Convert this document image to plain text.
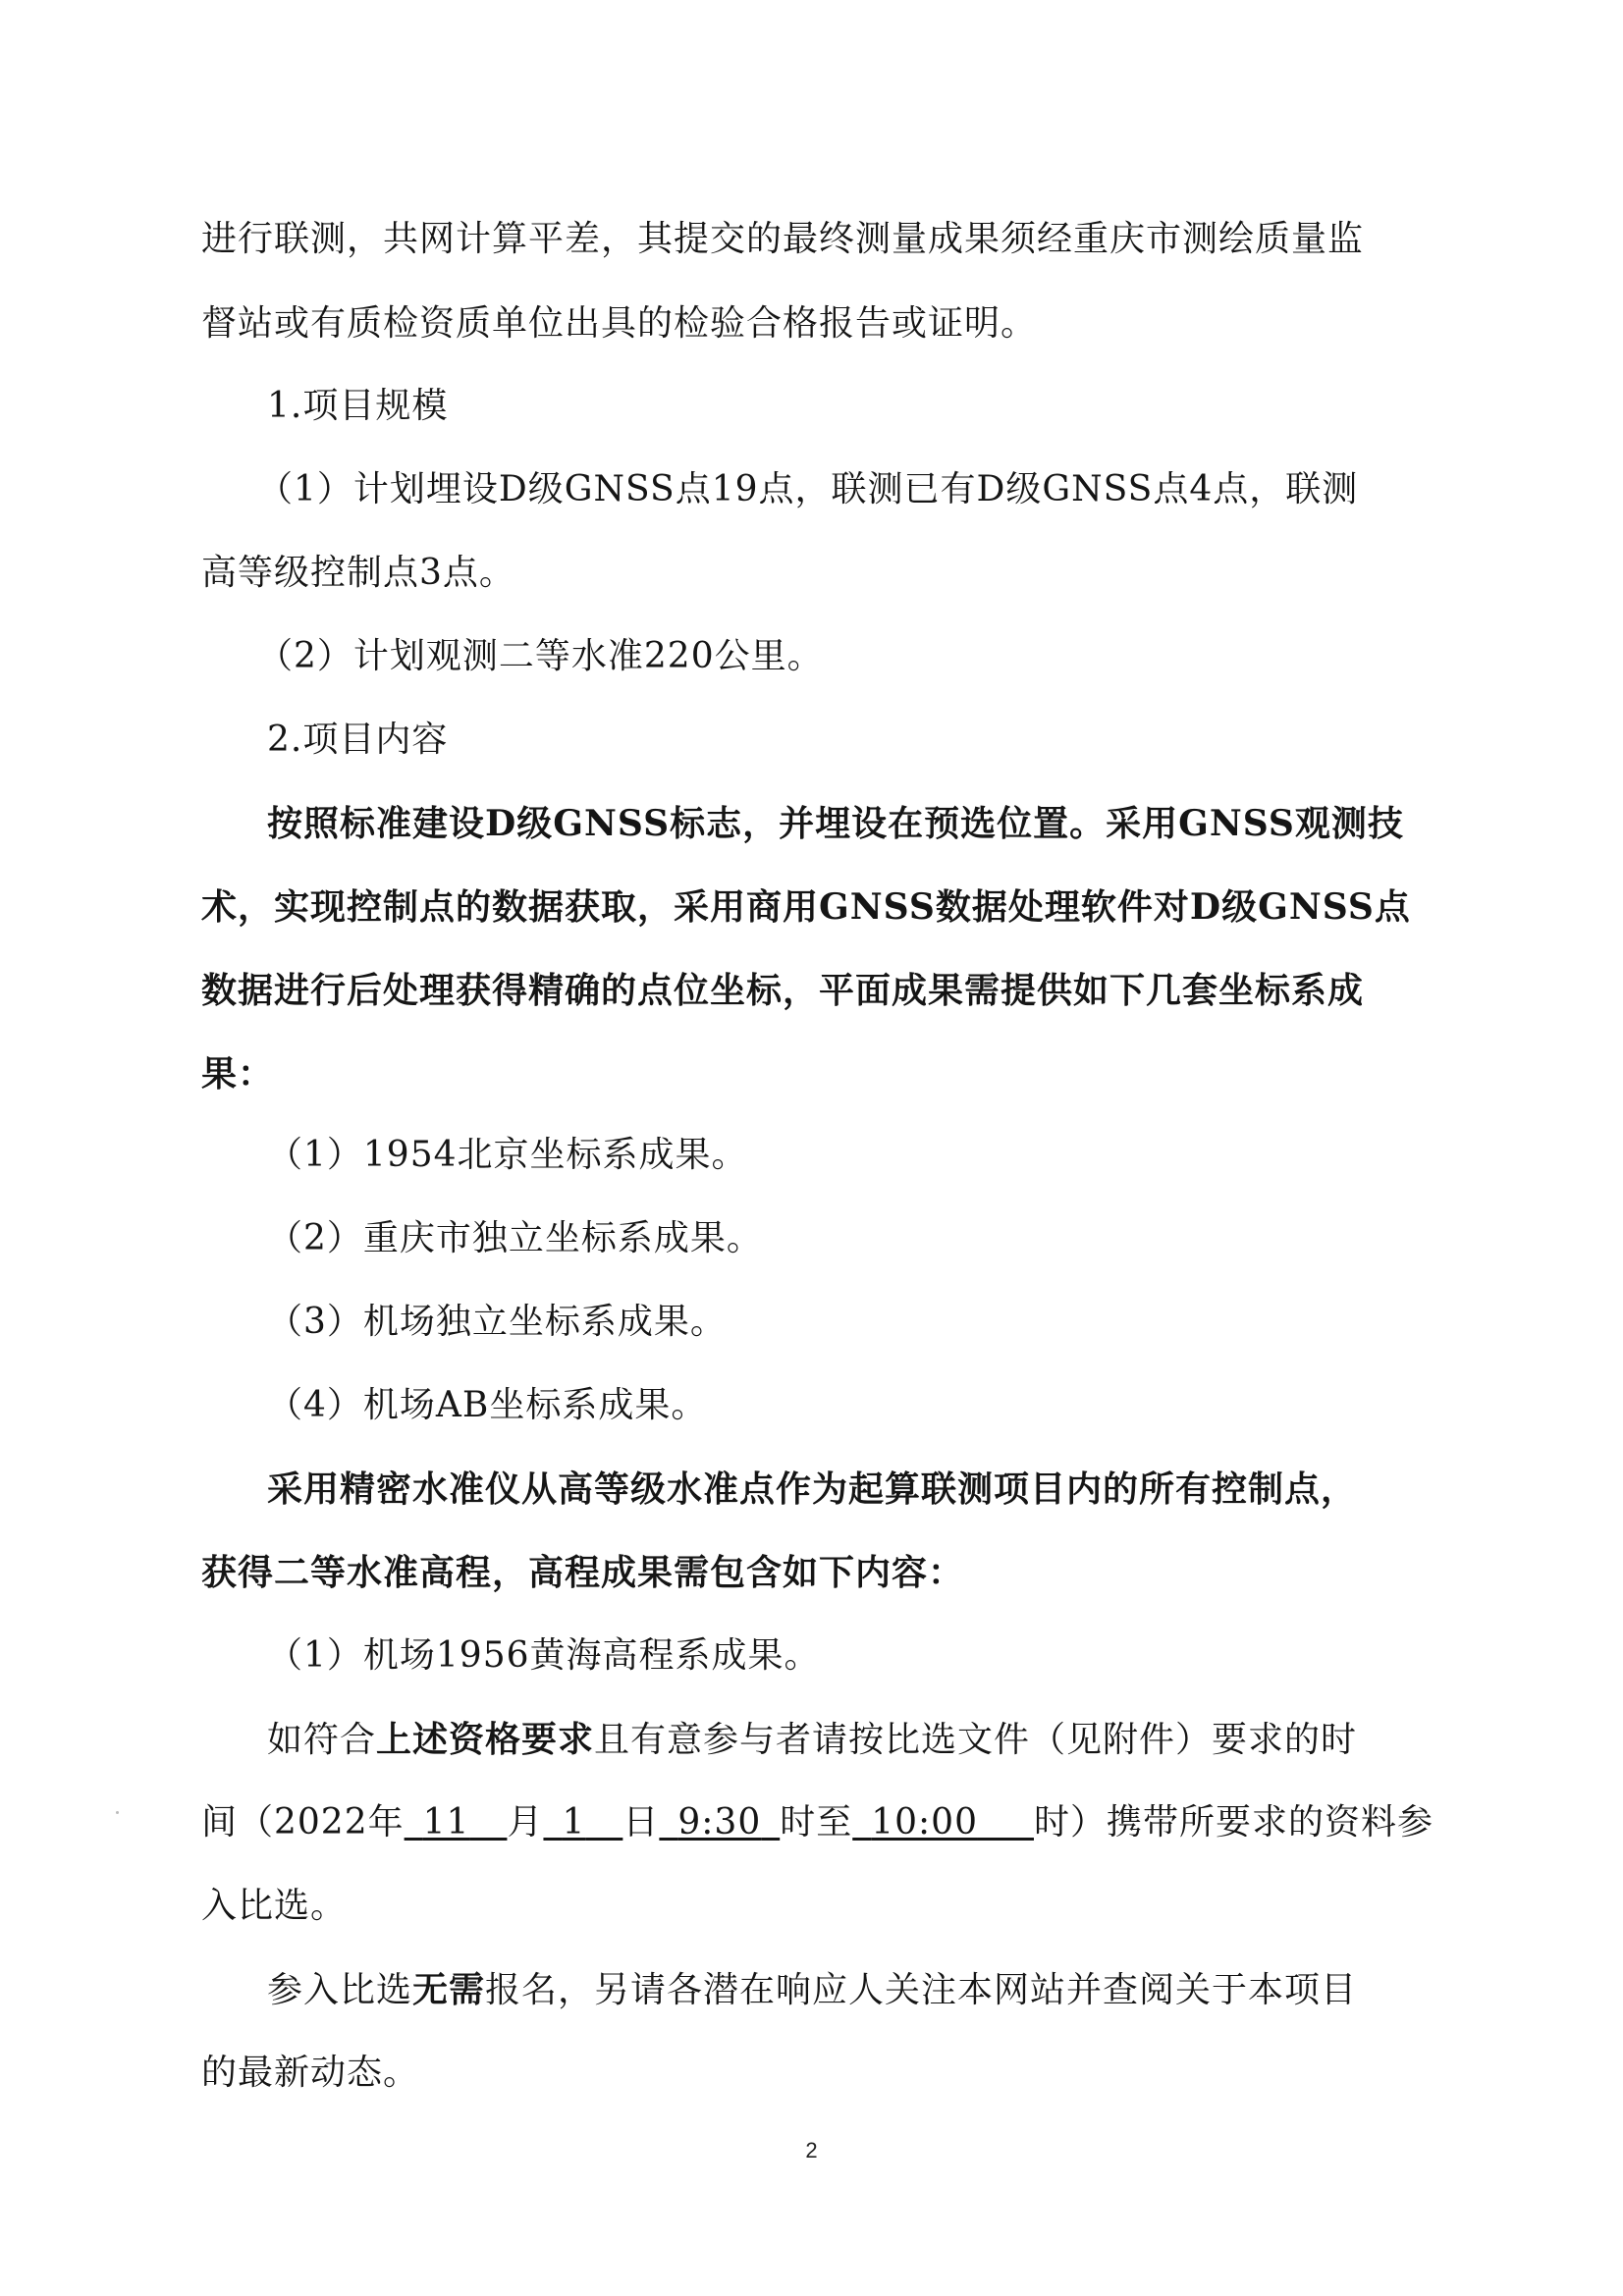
进行联测，共网计算平差，其提交的最终测量成果须经重庆市测绘质量监
督站或有质检资质单位出具的检验合格报告或证明。
1.项目规模
（1）计划埋设D级GNSS点19点，联测已有D级GNSS点4点，联测
高等级控制点3点。
（2）计划观测二等水准220公里。
2.项目内容
按照标准建设D级GNSS标志，并埋设在预选位置。采用GNSS观测技
术，实现控制点的数据获取，采用商用GNSS数据处理软件对D级GNSS点
数据进行后处理获得精确的点位坐标，平面成果需提供如下几套坐标系成
果：
（1）1954北京坐标系成果。
（2）重庆市独立坐标系成果。
（3）机场独立坐标系成果。
（4）机场AB坐标系成果。
采用精密水准仪从高等级水准点作为起算联测项目内的所有控制点，
获得二等水准高程，高程成果需包含如下内容：
（1）机场1956黄海高程系成果。
如符合上述资格要求且有意参与者请按比选文件（见附件）要求的时
间（2022年  11   月  1   日  9:30  时至  10:00    时）携带所要求的资料参
入比选。
参入比选无需报名，另请各潜在响应人关注本网站并查阅关于本项目
的最新动态。
2
